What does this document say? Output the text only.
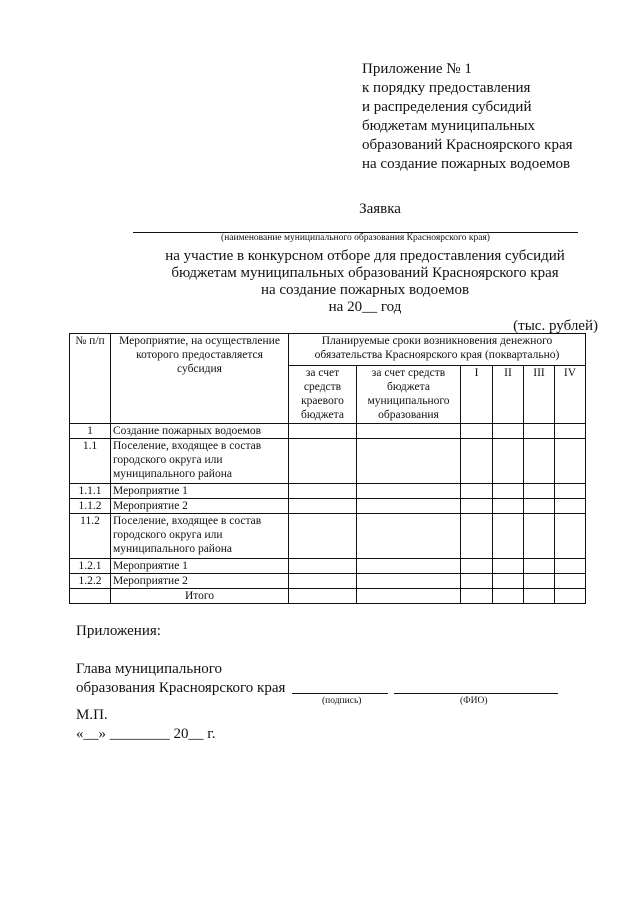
Приложение № 1
к порядку предоставления
и распределения субсидий
бюджетам муниципальных
образований Красноярского края
на создание пожарных водоемов
Заявка
(наименование муниципального образования Красноярского края)
на участие в конкурсном отборе для предоставления субсидий
бюджетам муниципальных образований Красноярского края
на создание пожарных водоемов
на 20__ год
(тыс. рублей)
№ п/п	Мероприятие, на осуществление которого предоставляется субсидия	Планируемые сроки возникновения денежного обязательства Красноярского края (поквартально)					
		за счет средств краевого бюджета	за счет средств бюджета муниципального образования	I	II	III	IV
1	Создание пожарных водоемов						
1.1	Поселение, входящее в состав городского округа или муниципального района						
1.1.1	Мероприятие 1						
1.1.2	Мероприятие 2						
11.2	Поселение, входящее в состав городского округа или муниципального района						
1.2.1	Мероприятие 1						
1.2.2	Мероприятие 2						
	Итого						
Приложения:
Глава муниципального
образования Красноярского края
(подпись)	(ФИО)
М.П.
«__» ________ 20__ г.
